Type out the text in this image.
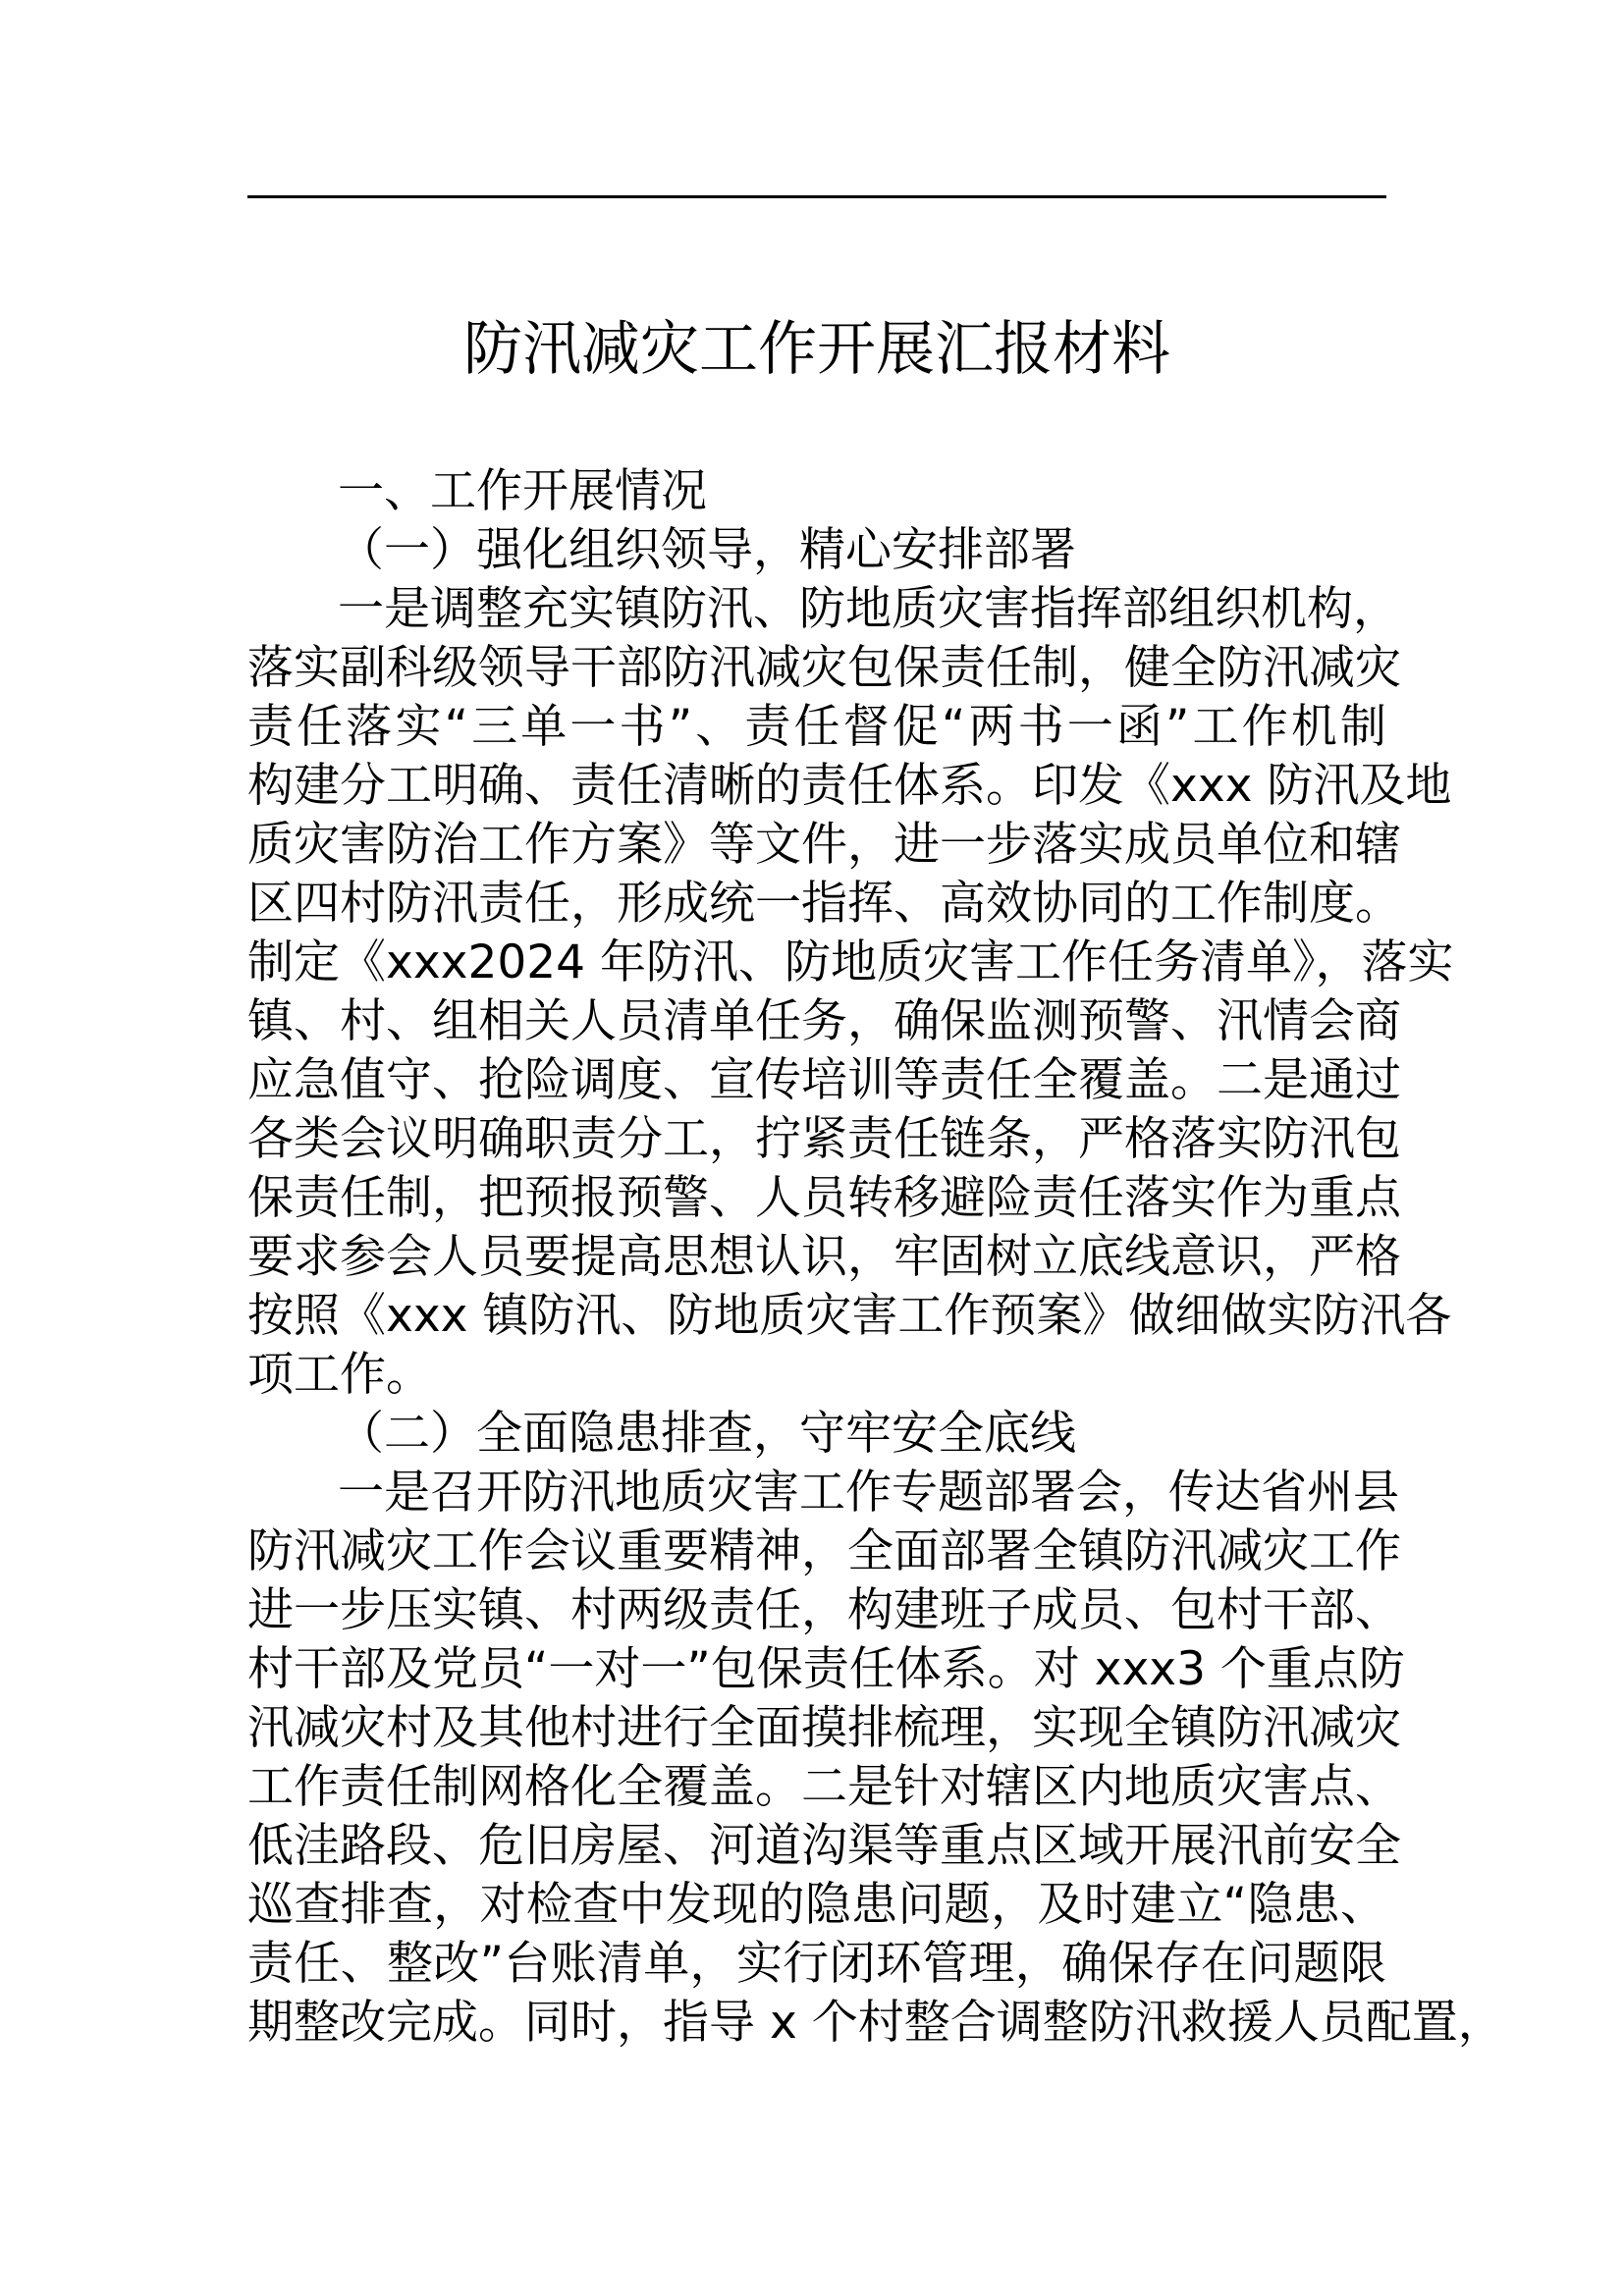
防汛减灾工作开展汇报材料
一、工作开展情况
（一）强化组织领导，精心安排部署
一是调整充实镇防汛、防地质灾害指挥部组织机构，
落实副科级领导干部防汛减灾包保责任制，健全防汛减灾
责任落实“三单一书”、责任督促“两书一函”工作机制
构建分工明确、责任清晰的责任体系。印发《xxx 防汛及地
质灾害防治工作方案》等文件，进一步落实成员单位和辖
区四村防汛责任，形成统一指挥、高效协同的工作制度。
制定《xxx2024 年防汛、防地质灾害工作任务清单》，落实
镇、村、组相关人员清单任务，确保监测预警、汛情会商
应急值守、抢险调度、宣传培训等责任全覆盖。二是通过
各类会议明确职责分工，拧紧责任链条，严格落实防汛包
保责任制，把预报预警、人员转移避险责任落实作为重点
要求参会人员要提高思想认识，牢固树立底线意识，严格
按照《xxx 镇防汛、防地质灾害工作预案》做细做实防汛各
项工作。
（二）全面隐患排查，守牢安全底线
一是召开防汛地质灾害工作专题部署会，传达省州县
防汛减灾工作会议重要精神，全面部署全镇防汛减灾工作
进一步压实镇、村两级责任，构建班子成员、包村干部、
村干部及党员“一对一”包保责任体系。对 xxx3 个重点防
汛减灾村及其他村进行全面摸排梳理，实现全镇防汛减灾
工作责任制网格化全覆盖。二是针对辖区内地质灾害点、
低洼路段、危旧房屋、河道沟渠等重点区域开展汛前安全
巡查排查，对检查中发现的隐患问题，及时建立“隐患、
责任、整改”台账清单，实行闭环管理，确保存在问题限
期整改完成。同时，指导 x 个村整合调整防汛救援人员配置，
